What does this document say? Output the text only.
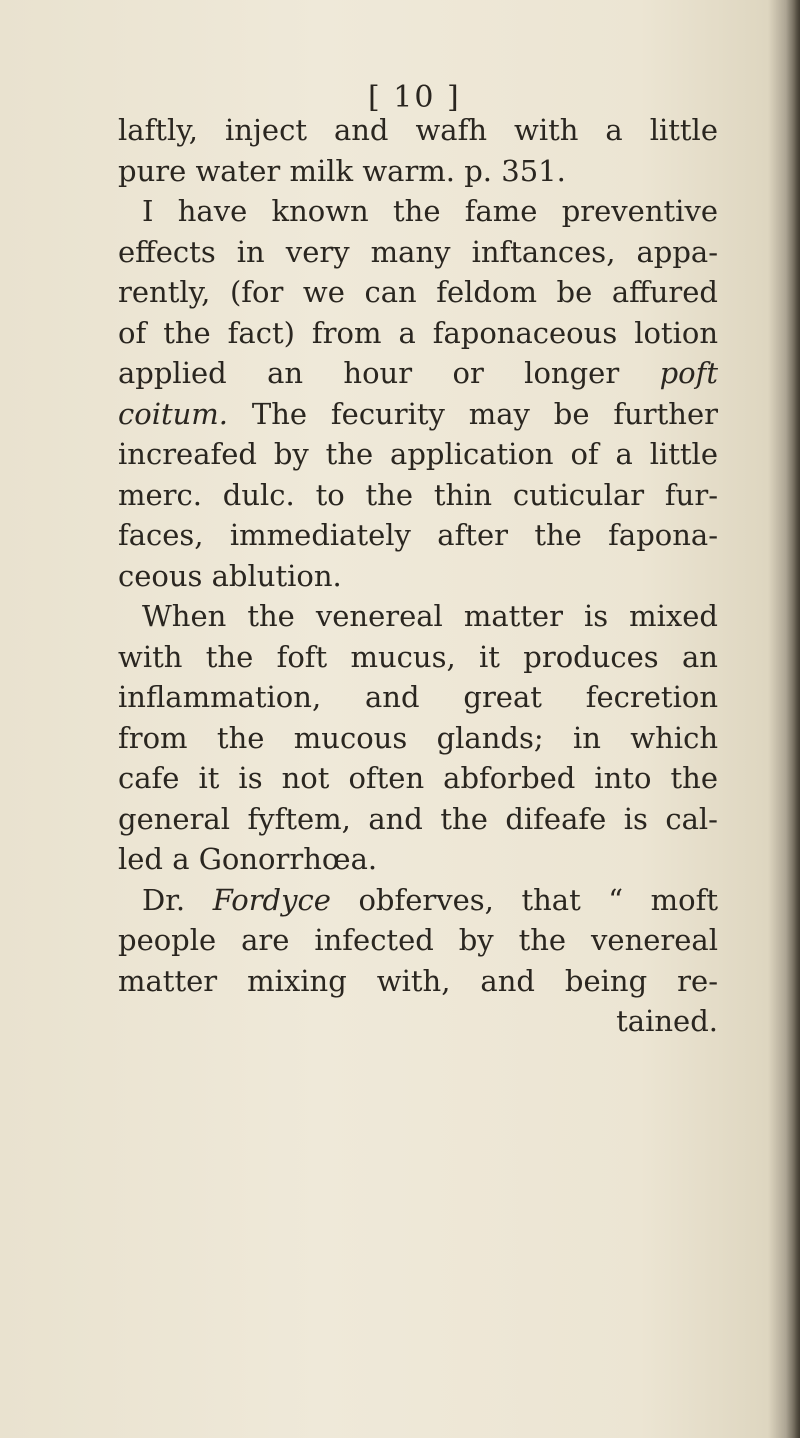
[ 10 ]
laftly, inject and wafh with a little
pure water milk warm. p. 351.
I have known the fame preventive
effects in very many inftances, appa-
rently, (for we can feldom be affured
of the fact) from a faponaceous lotion
applied an hour or longer poft
coitum. The fecurity may be further
increafed by the application of a little
merc. dulc. to the thin cuticular fur-
faces, immediately after the fapona-
ceous ablution.
When the venereal matter is mixed
with the foft mucus, it produces an
inflammation, and great fecretion
from the mucous glands; in which
cafe it is not often abforbed into the
general fyftem, and the difeafe is cal-
led a Gonorrhœa.
Dr. Fordyce obferves, that “ moft
people are infected by the venereal
matter mixing with, and being re-
tained.
